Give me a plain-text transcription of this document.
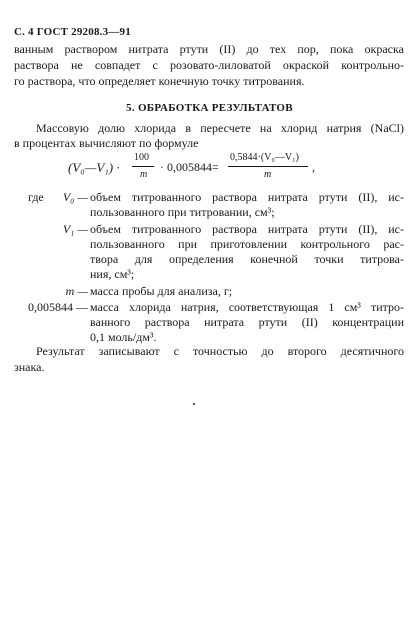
С. 4 ГОСТ 29208.3—91
ванным раствором нитрата ртути (II) до тех пор, пока окраска
раствора не совпадет с розовато-лиловатой окраской контрольно-
го раствора, что определяет конечную точку титрования.
5. ОБРАБОТКА РЕЗУЛЬТАТОВ
Массовую долю хлорида в пересчете на хлорид натрия (NaCl)
в процентах вычисляют по формуле
(V₀—V₁) ·
100
m
· 0,005844=
0,5844·(V₀—V₁)
m
,
где	V₀ — объем титрованного раствора нитрата ртути (II), ис-
пользованного при титровании, см³;
V₁ — объем титрованного раствора нитрата ртути (II), ис-
пользованного при приготовлении контрольного рас-
твора для определения конечной точки титрова-
ния, см³;
m — масса пробы для анализа, г;
0,005844 — масса хлорида натрия, соответствующая 1 см³ титро-
ванного раствора нитрата ртути (II) концентрации
0,1 моль/дм³.
Результат записывают с точностью до второго десятичного
знака.
